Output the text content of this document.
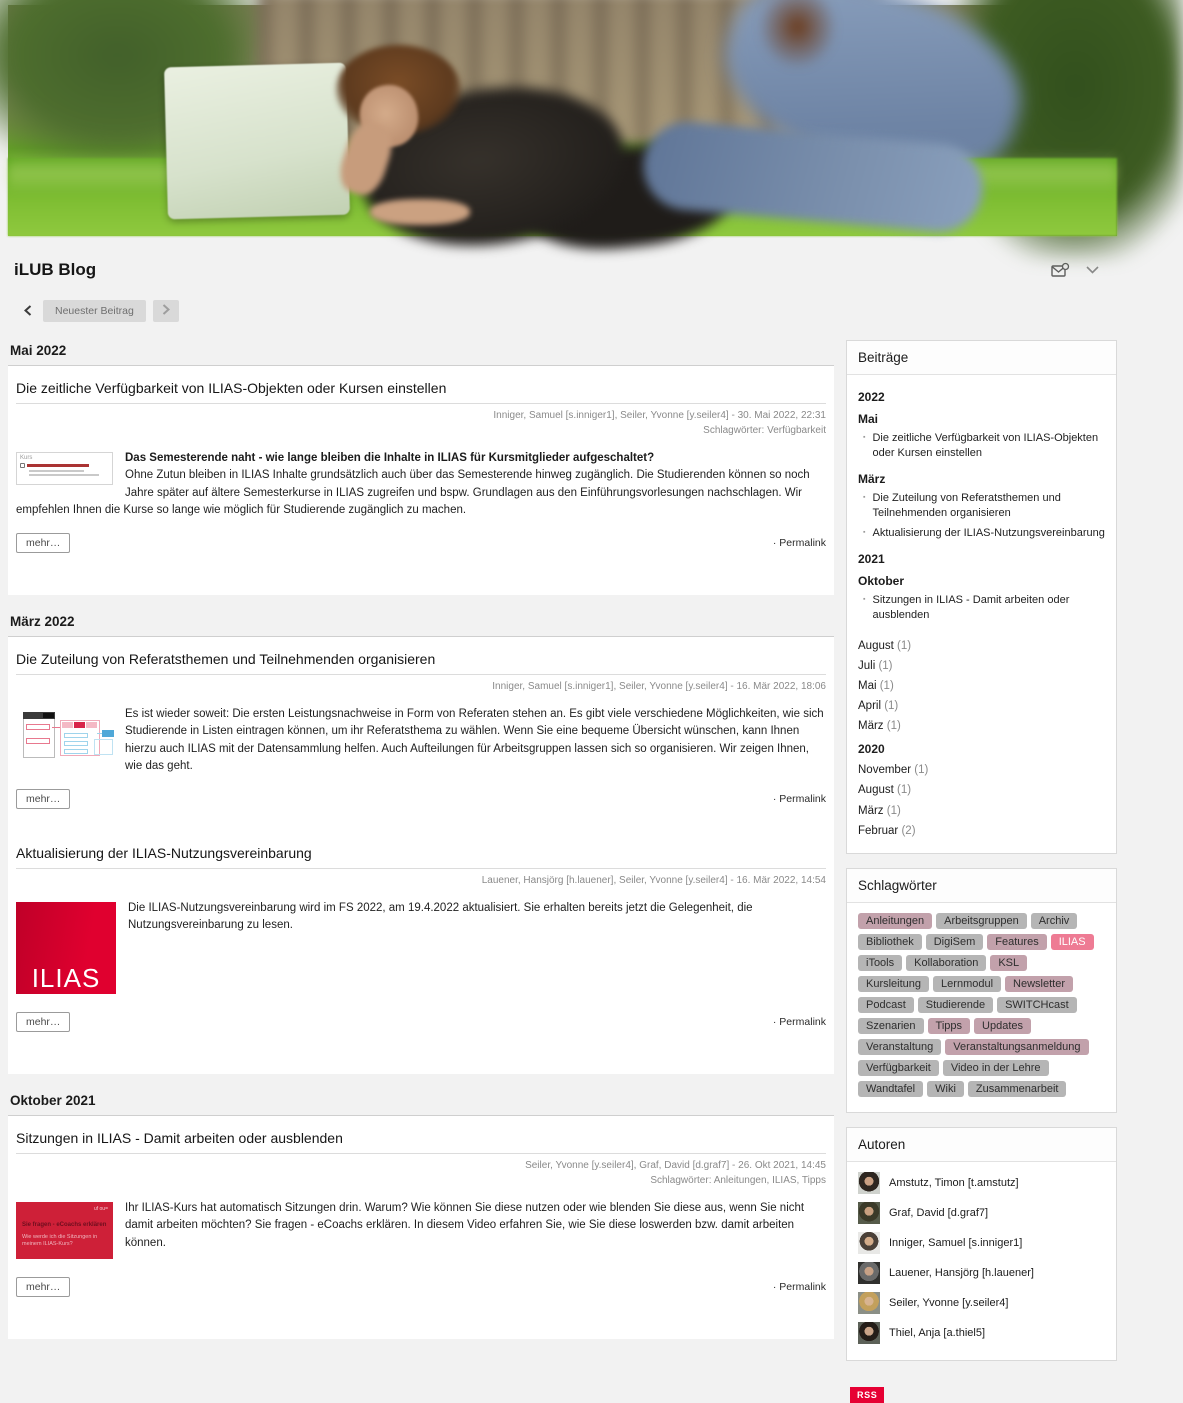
iLUB Blog
Neuester Beitrag
Mai 2022
Die zeitliche Verfügbarkeit von ILIAS-Objekten oder Kursen einstellen
Inniger, Samuel [s.inniger1], Seiler, Yvonne [y.seiler4] - 30. Mai 2022, 22:31
Schlagwörter: Verfügbarkeit
Kurs	Das Semesterende naht - wie lange bleiben die Inhalte in ILIAS für Kursmitglieder aufgeschaltet?

Ohne Zutun bleiben in ILIAS Inhalte grundsätzlich auch über das Semesterende hinweg zugänglich. Die Studierenden können so noch Jahre später auf ältere Semesterkurse in ILIAS zugreifen und bspw. Grundlagen aus den Einführungsvorlesungen nachschlagen. Wir empfehlen Ihnen die Kurse so lange wie möglich für Studierende zugänglich zu machen.

mehr…	· Permalink
März 2022
Die Zuteilung von Referatsthemen und Teilnehmenden organisieren
Inniger, Samuel [s.inniger1], Seiler, Yvonne [y.seiler4] - 16. Mär 2022, 18:06

Es ist wieder soweit: Die ersten Leistungsnachweise in Form von Referaten stehen an. Es gibt viele verschiedene Möglichkeiten, wie sich Studierende in Listen eintragen können, um ihr Referatsthema zu wählen. Wenn Sie eine bequeme Übersicht wünschen, kann Ihnen hierzu auch ILIAS mit der Datensammlung helfen. Auch Aufteilungen für Arbeitsgruppen lassen sich so organisieren. Wir zeigen Ihnen, wie das geht.

mehr…	· Permalink
Aktualisierung der ILIAS-Nutzungsvereinbarung
Lauener, Hansjörg [h.lauener], Seiler, Yvonne [y.seiler4] - 16. Mär 2022, 14:54
ILIAS

Die ILIAS-Nutzungsvereinbarung wird im FS 2022, am 19.4.2022 aktualisiert. Sie erhalten bereits jetzt die Gelegenheit, die Nutzungsvereinbarung zu lesen.

mehr…	· Permalink
Oktober 2021
Sitzungen in ILIAS - Damit arbeiten oder ausblenden
Seiler, Yvonne [y.seiler4], Graf, David [d.graf7] - 26. Okt 2021, 14:45
Schlagwörter: Anleitungen, ILIAS, Tipps
uf ou=
Sie fragen - eCoachs erklären
Wie werde ich die Sitzungen in meinem ILIAS-Kurs?

Ihr ILIAS-Kurs hat automatisch Sitzungen drin. Warum? Wie können Sie diese nutzen oder wie blenden Sie diese aus, wenn Sie nicht damit arbeiten möchten? Sie fragen - eCoachs erklären. In diesem Video erfahren Sie, wie Sie diese loswerden bzw. damit arbeiten können.

mehr…	· Permalink
Beiträge
2022
Mai
▪ Die zeitliche Verfügbarkeit von ILIAS-Objekten oder Kursen einstellen
März
▪ Die Zuteilung von Referatsthemen und Teilnehmenden organisieren
▪ Aktualisierung der ILIAS-Nutzungsvereinbarung
2021
Oktober
▪ Sitzungen in ILIAS - Damit arbeiten oder ausblenden
August (1)
Juli (1)
Mai (1)
April (1)
März (1)
2020
November (1)
August (1)
März (1)
Februar (2)
Schlagwörter
Anleitungen Arbeitsgruppen ArchivBibliothek DigiSem Features ILIASiTools Kollaboration KSLKursleitung Lernmodul NewsletterPodcast Studierende SWITCHcastSzenarien Tipps UpdatesVeranstaltung VeranstaltungsanmeldungVerfügbarkeit Video in der LehreWandtafel Wiki Zusammenarbeit
Autoren
Amstutz, Timon [t.amstutz]
Graf, David [d.graf7]
Inniger, Samuel [s.inniger1]
Lauener, Hansjörg [h.lauener]
Seiler, Yvonne [y.seiler4]
Thiel, Anja [a.thiel5]
RSS
